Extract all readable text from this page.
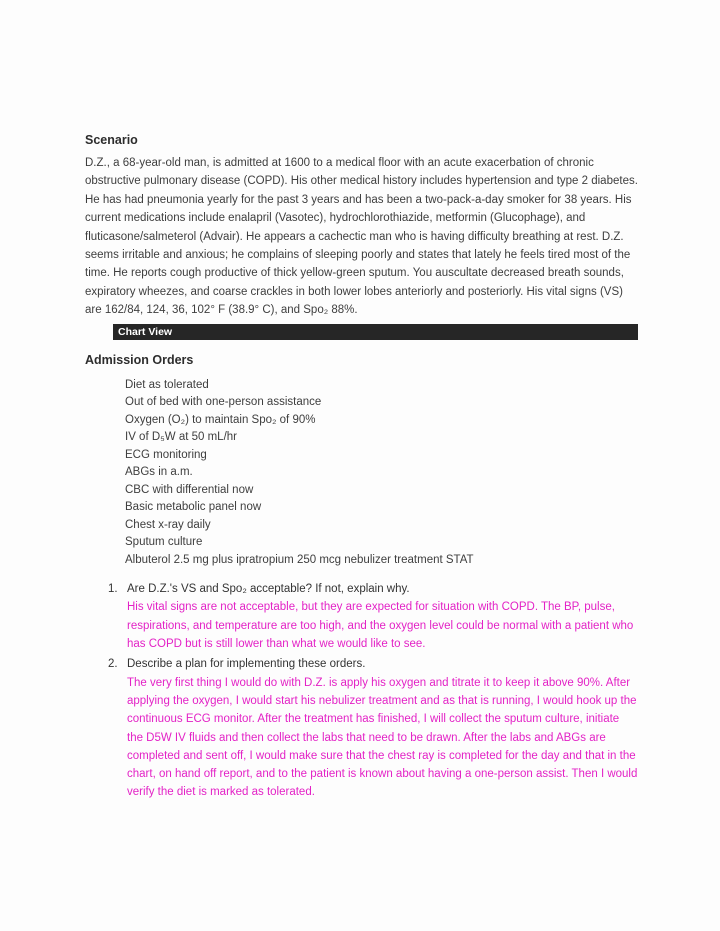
Scenario

D.Z., a 68-year-old man, is admitted at 1600 to a medical floor with an acute exacerbation of chronic obstructive pulmonary disease (COPD). His other medical history includes hypertension and type 2 diabetes. He has had pneumonia yearly for the past 3 years and has been a two-pack-a-day smoker for 38 years. His current medications include enalapril (Vasotec), hydrochlorothiazide, metformin (Glucophage), and fluticasone/salmeterol (Advair). He appears a cachectic man who is having difficulty breathing at rest. D.Z. seems irritable and anxious; he complains of sleeping poorly and states that lately he feels tired most of the time. He reports cough productive of thick yellow-green sputum. You auscultate decreased breath sounds, expiratory wheezes, and coarse crackles in both lower lobes anteriorly and posteriorly. His vital signs (VS) are 162/84, 124, 36, 102° F (38.9° C), and Spo₂ 88%.

Chart View
Admission Orders
Diet as tolerated
Out of bed with one-person assistance
Oxygen (O₂) to maintain Spo₂ of 90%
IV of D₅W at 50 mL/hr
ECG monitoring
ABGs in a.m.
CBC with differential now
Basic metabolic panel now
Chest x-ray daily
Sputum culture
Albuterol 2.5 mg plus ipratropium 250 mcg nebulizer treatment STAT
1. Are D.Z.'s VS and Spo₂ acceptable? If not, explain why.
His vital signs are not acceptable, but they are expected for situation with COPD. The BP, pulse, respirations, and temperature are too high, and the oxygen level could be normal with a patient who has COPD but is still lower than what we would like to see.
2. Describe a plan for implementing these orders.
The very first thing I would do with D.Z. is apply his oxygen and titrate it to keep it above 90%. After applying the oxygen, I would start his nebulizer treatment and as that is running, I would hook up the continuous ECG monitor. After the treatment has finished, I will collect the sputum culture, initiate the D5W IV fluids and then collect the labs that need to be drawn. After the labs and ABGs are completed and sent off, I would make sure that the chest ray is completed for the day and that in the chart, on hand off report, and to the patient is known about having a one-person assist. Then I would verify the diet is marked as tolerated.
